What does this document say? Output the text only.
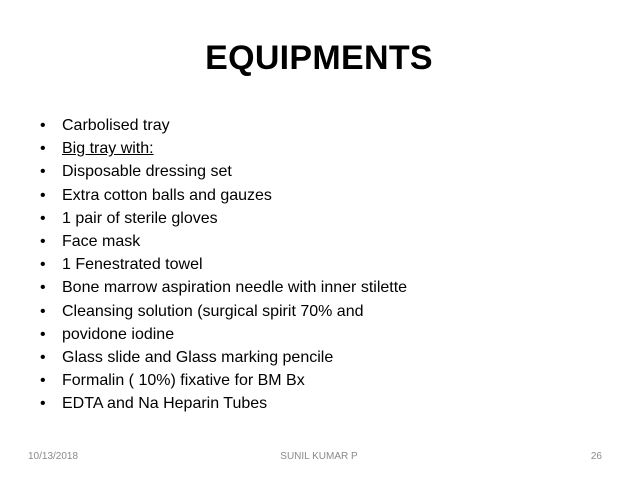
EQUIPMENTS
• Carbolised tray
• Big tray with:
• Disposable dressing set
• Extra cotton balls and gauzes
• 1 pair of sterile gloves
• Face mask
• 1 Fenestrated towel
• Bone marrow aspiration needle with inner stilette
• Cleansing solution (surgical spirit 70% and
• povidone iodine
• Glass slide and Glass marking pencile
• Formalin ( 10%) fixative for BM Bx
• EDTA and Na Heparin Tubes
10/13/2018	SUNIL KUMAR P	26
